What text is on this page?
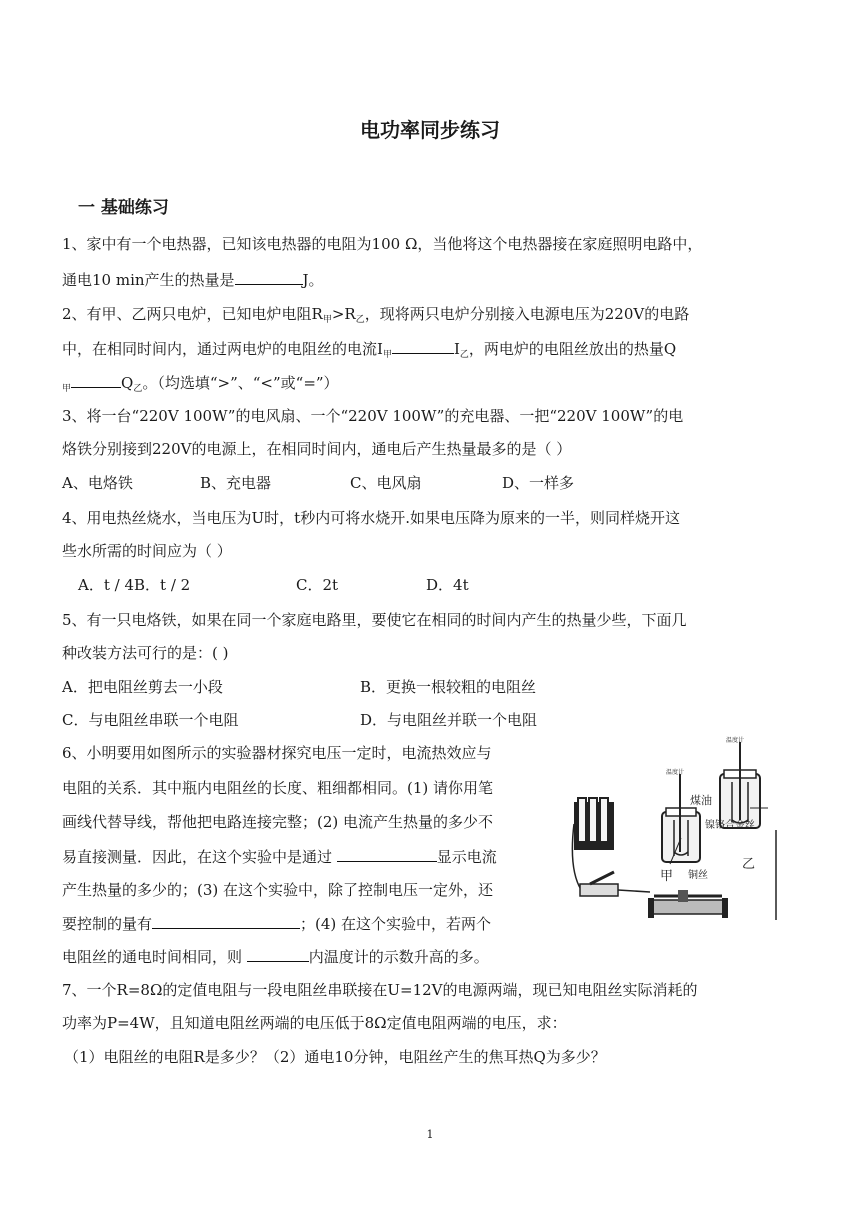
电功率同步练习
一 基础练习
1、家中有一个电热器，已知该电热器的电阻为100 Ω，当他将这个电热器接在家庭照明电路中，
通电10 min产生的热量是	J。
2、有甲、乙两只电炉，已知电炉电阻$R_甲>R_乙$，现将两只电炉分别接入电源电压为220V的电路
中，在相同时间内，通过两电炉的电阻丝的电流$I_甲$	$I_乙$，两电炉的电阻丝放出的热量Q
$_甲$	$Q_乙$。（均选填“>”、“<”或“=”）
3、将一台“220V 100W”的电风扇、一个“220V 100W”的充电器、一把“220V 100W”的电
烙铁分别接到220V的电源上，在相同时间内，通电后产生热量最多的是（ ）
A、电烙铁	B、充电器	C、电风扇	D、一样多
4、用电热丝烧水，当电压为U时，t秒内可将水烧开.如果电压降为原来的一半，则同样烧开这
些水所需的时间应为（ ）
A．t / 4B．t / 2	C．2t	D．4t
5、有一只电烙铁，如果在同一个家庭电路里，要使它在相同的时间内产生的热量少些，下面几
种改装方法可行的是：( )
A．把电阻丝剪去一小段	B．更换一根较粗的电阻丝
C．与电阻丝串联一个电阻	D．与电阻丝并联一个电阻
6、小明要用如图所示的实验器材探究电压一定时，电流热效应与
电阻的关系．其中瓶内电阻丝的长度、粗细都相同。(1) 请你用笔
画线代替导线，帮他把电路连接完整；(2) 电流产生热量的多少不
易直接测量．因此，在这个实验中是通过	显示电流
产生热量的多少的；(3) 在这个实验中，除了控制电压一定外，还
要控制的量有	；(4) 在这个实验中，若两个
电阻丝的通电时间相同，则	内温度计的示数升高的多。
温度计
温度计
煤油
铜丝
镍铬合金丝
甲
乙
7、一个R=8Ω的定值电阻与一段电阻丝串联接在U=12V的电源两端，现已知电阻丝实际消耗的
功率为P=4W，且知道电阻丝两端的电压低于8Ω定值电阻两端的电压，求：
（1）电阻丝的电阻R是多少？（2）通电10分钟，电阻丝产生的焦耳热Q为多少？
1
